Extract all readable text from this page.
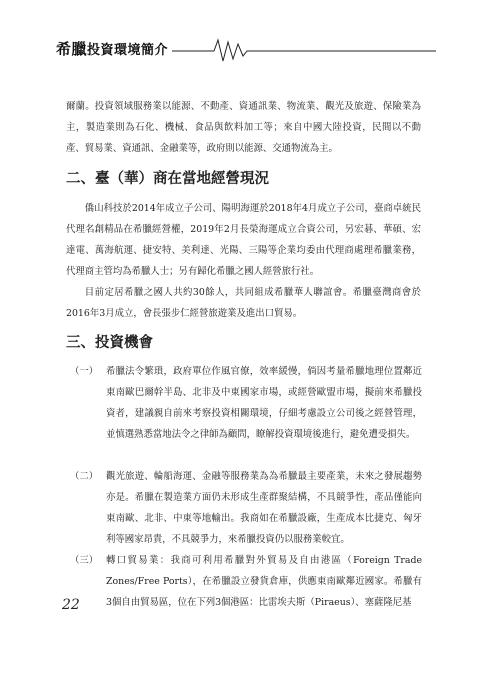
希臘投資環境簡介

爾蘭。投資領域服務業以能源、不動產、資通訊業、物流業、觀光及旅遊、保險業為主，製造業則為石化、機械、食品與飲料加工等；來自中國大陸投資，民間以不動產、貿易業、資通訊、金融業等，政府則以能源、交通物流為主。

二、臺（華）商在當地經營現況

僑山科技於2014年成立子公司、陽明海運於2018年4月成立子公司，臺商卓統民代理名創精品在希臘經營權，2019年2月長榮海運成立合資公司，另宏碁、華碩、宏達電、萬海航運、捷安特、美利達、光陽、三陽等企業均委由代理商處理希臘業務，代理商主管均為希臘人士；另有歸化希臘之國人經營旅行社。

目前定居希臘之國人共約30餘人，共同組成希臘華人聯誼會。希臘臺灣商會於2016年3月成立，會長張步仁經營旅遊業及進出口貿易。

三、投資機會
（一） 希臘法令繁瑣，政府單位作風官僚，效率緩慢，倘因考量希臘地理位置鄰近東南歐巴爾幹半島、北非及中東國家市場，或經營歐盟市場，擬前來希臘投資者，建議親自前來考察投資相關環境，仔細考慮設立公司後之經營管理，並慎選熟悉當地法令之律師為顧問，瞭解投資環境後進行，避免遭受損失。
（二） 觀光旅遊、輪船海運、金融等服務業為為希臘最主要產業，未來之發展趨勢亦是。希臘在製造業方面仍未形成生產群聚結構，不具競爭性，產品僅能向東南歐、北非、中東等地輸出。我商如在希臘設廠，生產成本比捷克、匈牙利等國家昂貴，不具競爭力，來希臘投資仍以服務業較宜。
（三） 轉口貿易業：我商可利用希臘對外貿易及自由港區（Foreign Trade Zones/Free Ports），在希臘設立發貨倉庫，供應東南歐鄰近國家。希臘有3個自由貿易區，位在下列3個港區：比雷埃夫斯（Piraeus）、塞薩隆尼基
22
